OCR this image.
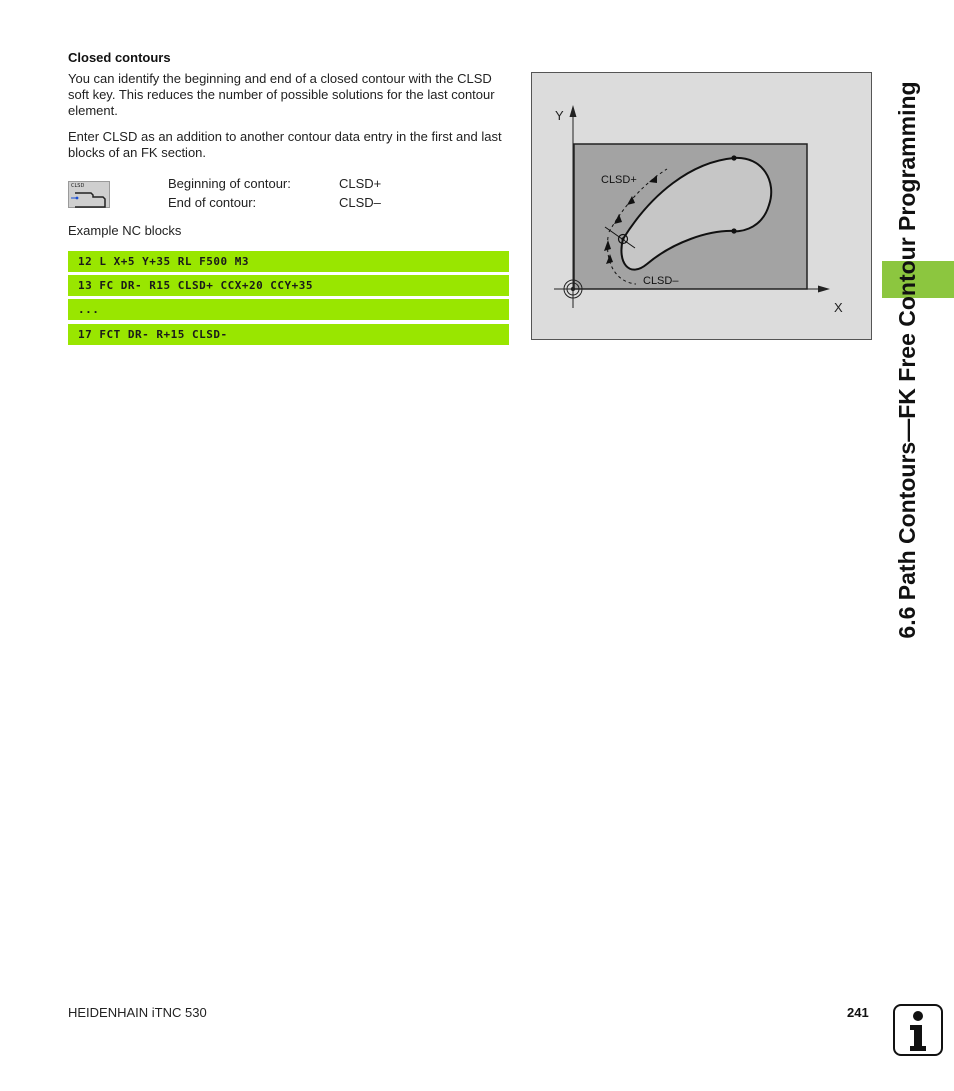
Closed contours
You can identify the beginning and end of a closed contour with the CLSD soft key. This reduces the number of possible solutions for the last contour element.
Enter CLSD as an addition to another contour data entry in the first and last blocks of an FK section.
CLSD	Beginning of contour:	CLSD+
End of contour:	CLSD–
Example NC blocks
12 L X+5 Y+35 RL F500 M3
13 FC DR- R15 CLSD+ CCX+20 CCY+35
...
17 FCT DR- R+15 CLSD-
Y
X
CLSD+
CLSD–	6.6 Path Contours—FK Free Contour Programming
HEIDENHAIN iTNC 530	241
